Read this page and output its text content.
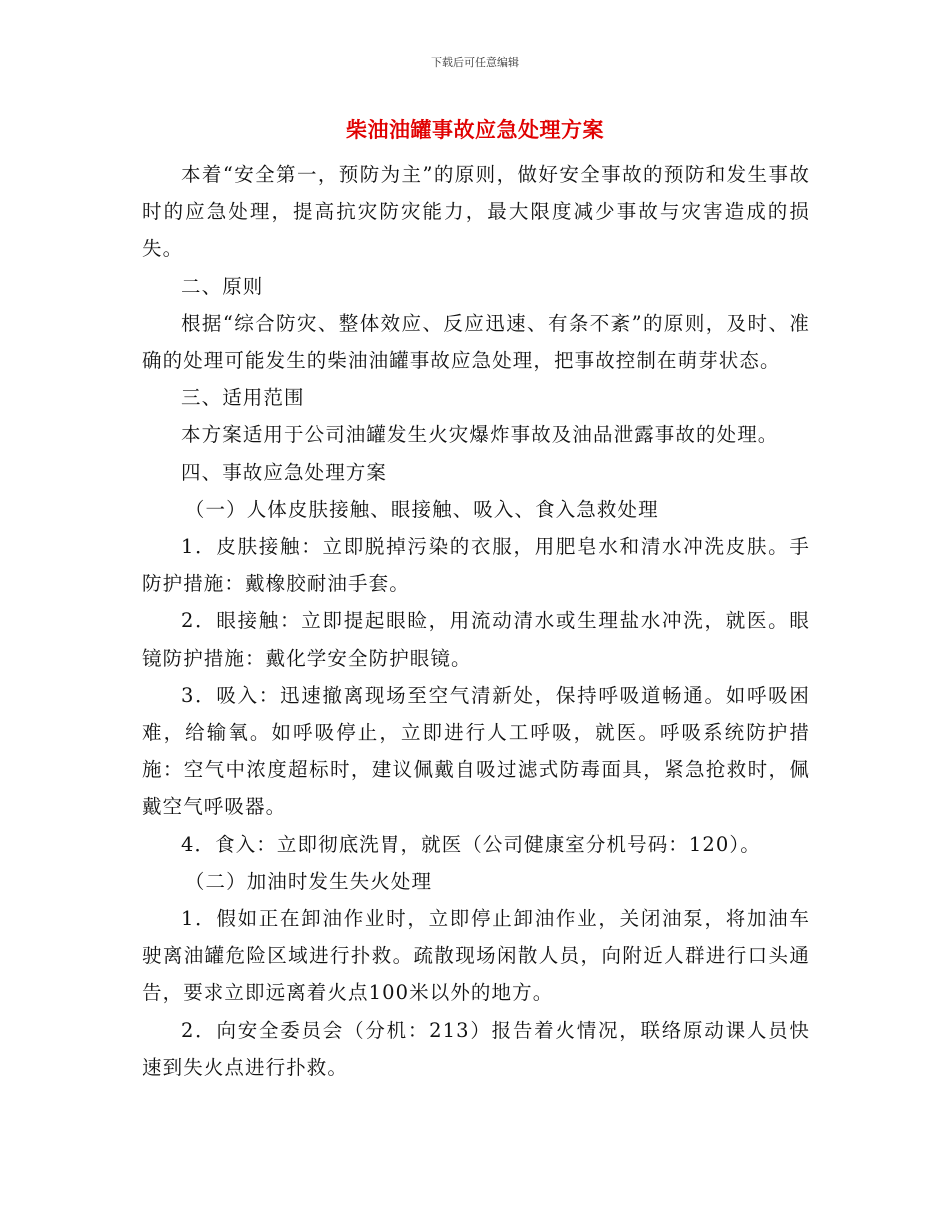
下载后可任意编辑
柴油油罐事故应急处理方案

本着“安全第一，预防为主”的原则，做好安全事故的预防和发生事故时的应急处理，提高抗灾防灾能力，最大限度减少事故与灾害造成的损失。

二、原则

根据“综合防灾、整体效应、反应迅速、有条不紊”的原则，及时、准确的处理可能发生的柴油油罐事故应急处理，把事故控制在萌芽状态。

三、适用范围

本方案适用于公司油罐发生火灾爆炸事故及油品泄露事故的处理。

四、事故应急处理方案

（一）人体皮肤接触、眼接触、吸入、食入急救处理

1．皮肤接触：立即脱掉污染的衣服，用肥皂水和清水冲洗皮肤。手防护措施：戴橡胶耐油手套。

2．眼接触：立即提起眼睑，用流动清水或生理盐水冲洗，就医。眼镜防护措施：戴化学安全防护眼镜。

3．吸入：迅速撤离现场至空气清新处，保持呼吸道畅通。如呼吸困难，给输氧。如呼吸停止，立即进行人工呼吸，就医。呼吸系统防护措施：空气中浓度超标时，建议佩戴自吸过滤式防毒面具，紧急抢救时，佩戴空气呼吸器。

4．食入：立即彻底洗胃，就医（公司健康室分机号码：120）。

（二）加油时发生失火处理

1．假如正在卸油作业时，立即停止卸油作业，关闭油泵，将加油车驶离油罐危险区域进行扑救。疏散现场闲散人员，向附近人群进行口头通告，要求立即远离着火点100米以外的地方。

2．向安全委员会（分机：213）报告着火情况，联络原动课人员快速到失火点进行扑救。
